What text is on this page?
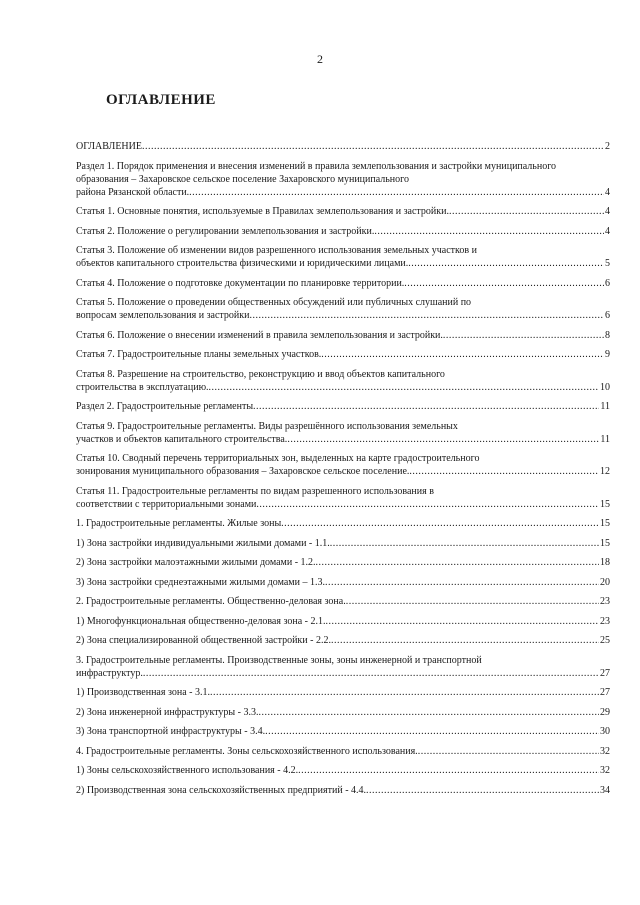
2
ОГЛАВЛЕНИЕ
ОГЛАВЛЕНИЕ .....	2
Раздел 1. Порядок применения и внесения изменений в правила землепользования и застройки муниципального образования – Захаровское сельское поселение Захаровского муниципального
района Рязанской области. .....	4
Статья 1. Основные понятия, используемые в Правилах землепользования и застройки. .....	4
Статья 2. Положение о регулировании землепользования и застройки. .....	4
Статья 3. Положение об изменении видов разрешенного использования земельных участков и
объектов капитального строительства физическими и юридическими лицами. .....	5
Статья 4. Положение о подготовке документации по планировке территории. .....	6
Статья 5. Положение о проведении общественных обсуждений или публичных слушаний по
вопросам землепользования и застройки .....	6
Статья 6. Положение о внесении изменений в правила землепользования и застройки. .....	8
Статья 7. Градостроительные планы земельных участков. .....	9
Статья 8. Разрешение на строительство, реконструкцию и ввод объектов капитального
строительства в эксплуатацию. .....	10
Раздел 2. Градостроительные регламенты .....	11
Статья 9. Градостроительные регламенты. Виды разрешённого использования земельных
участков и объектов капитального строительства. .....	11
Статья 10. Сводный перечень территориальных зон, выделенных на карте градостроительного
зонирования муниципального образования – Захаровское сельское поселение. .....	12
Статья 11. Градостроительные регламенты по видам разрешенного использования в
соответствии с территориальными зонами .....	15
1. Градостроительные регламенты. Жилые зоны .....	15
1) Зона застройки индивидуальными жилыми домами - 1.1. .....	15
2) Зона застройки малоэтажными жилыми домами - 1.2. .....	18
3) Зона застройки среднеэтажными жилыми домами – 1.3. .....	20
2. Градостроительные регламенты. Общественно-деловая зона. .....	23
1) Многофункциональная общественно-деловая зона - 2.1. .....	23
2) Зона специализированной общественной застройки - 2.2. .....	25
3. Градостроительные регламенты. Производственные зоны, зоны инженерной и транспортной
инфраструктур. .....	27
1) Производственная зона - 3.1. .....	27
2) Зона инженерной инфраструктуры - 3.3. .....	29
3) Зона транспортной инфраструктуры - 3.4. .....	30
4. Градостроительные регламенты. Зоны сельскохозяйственного использования. .....	32
1) Зоны сельскохозяйственного использования - 4.2. .....	32
2) Производственная зона сельскохозяйственных предприятий - 4.4. .....	34
